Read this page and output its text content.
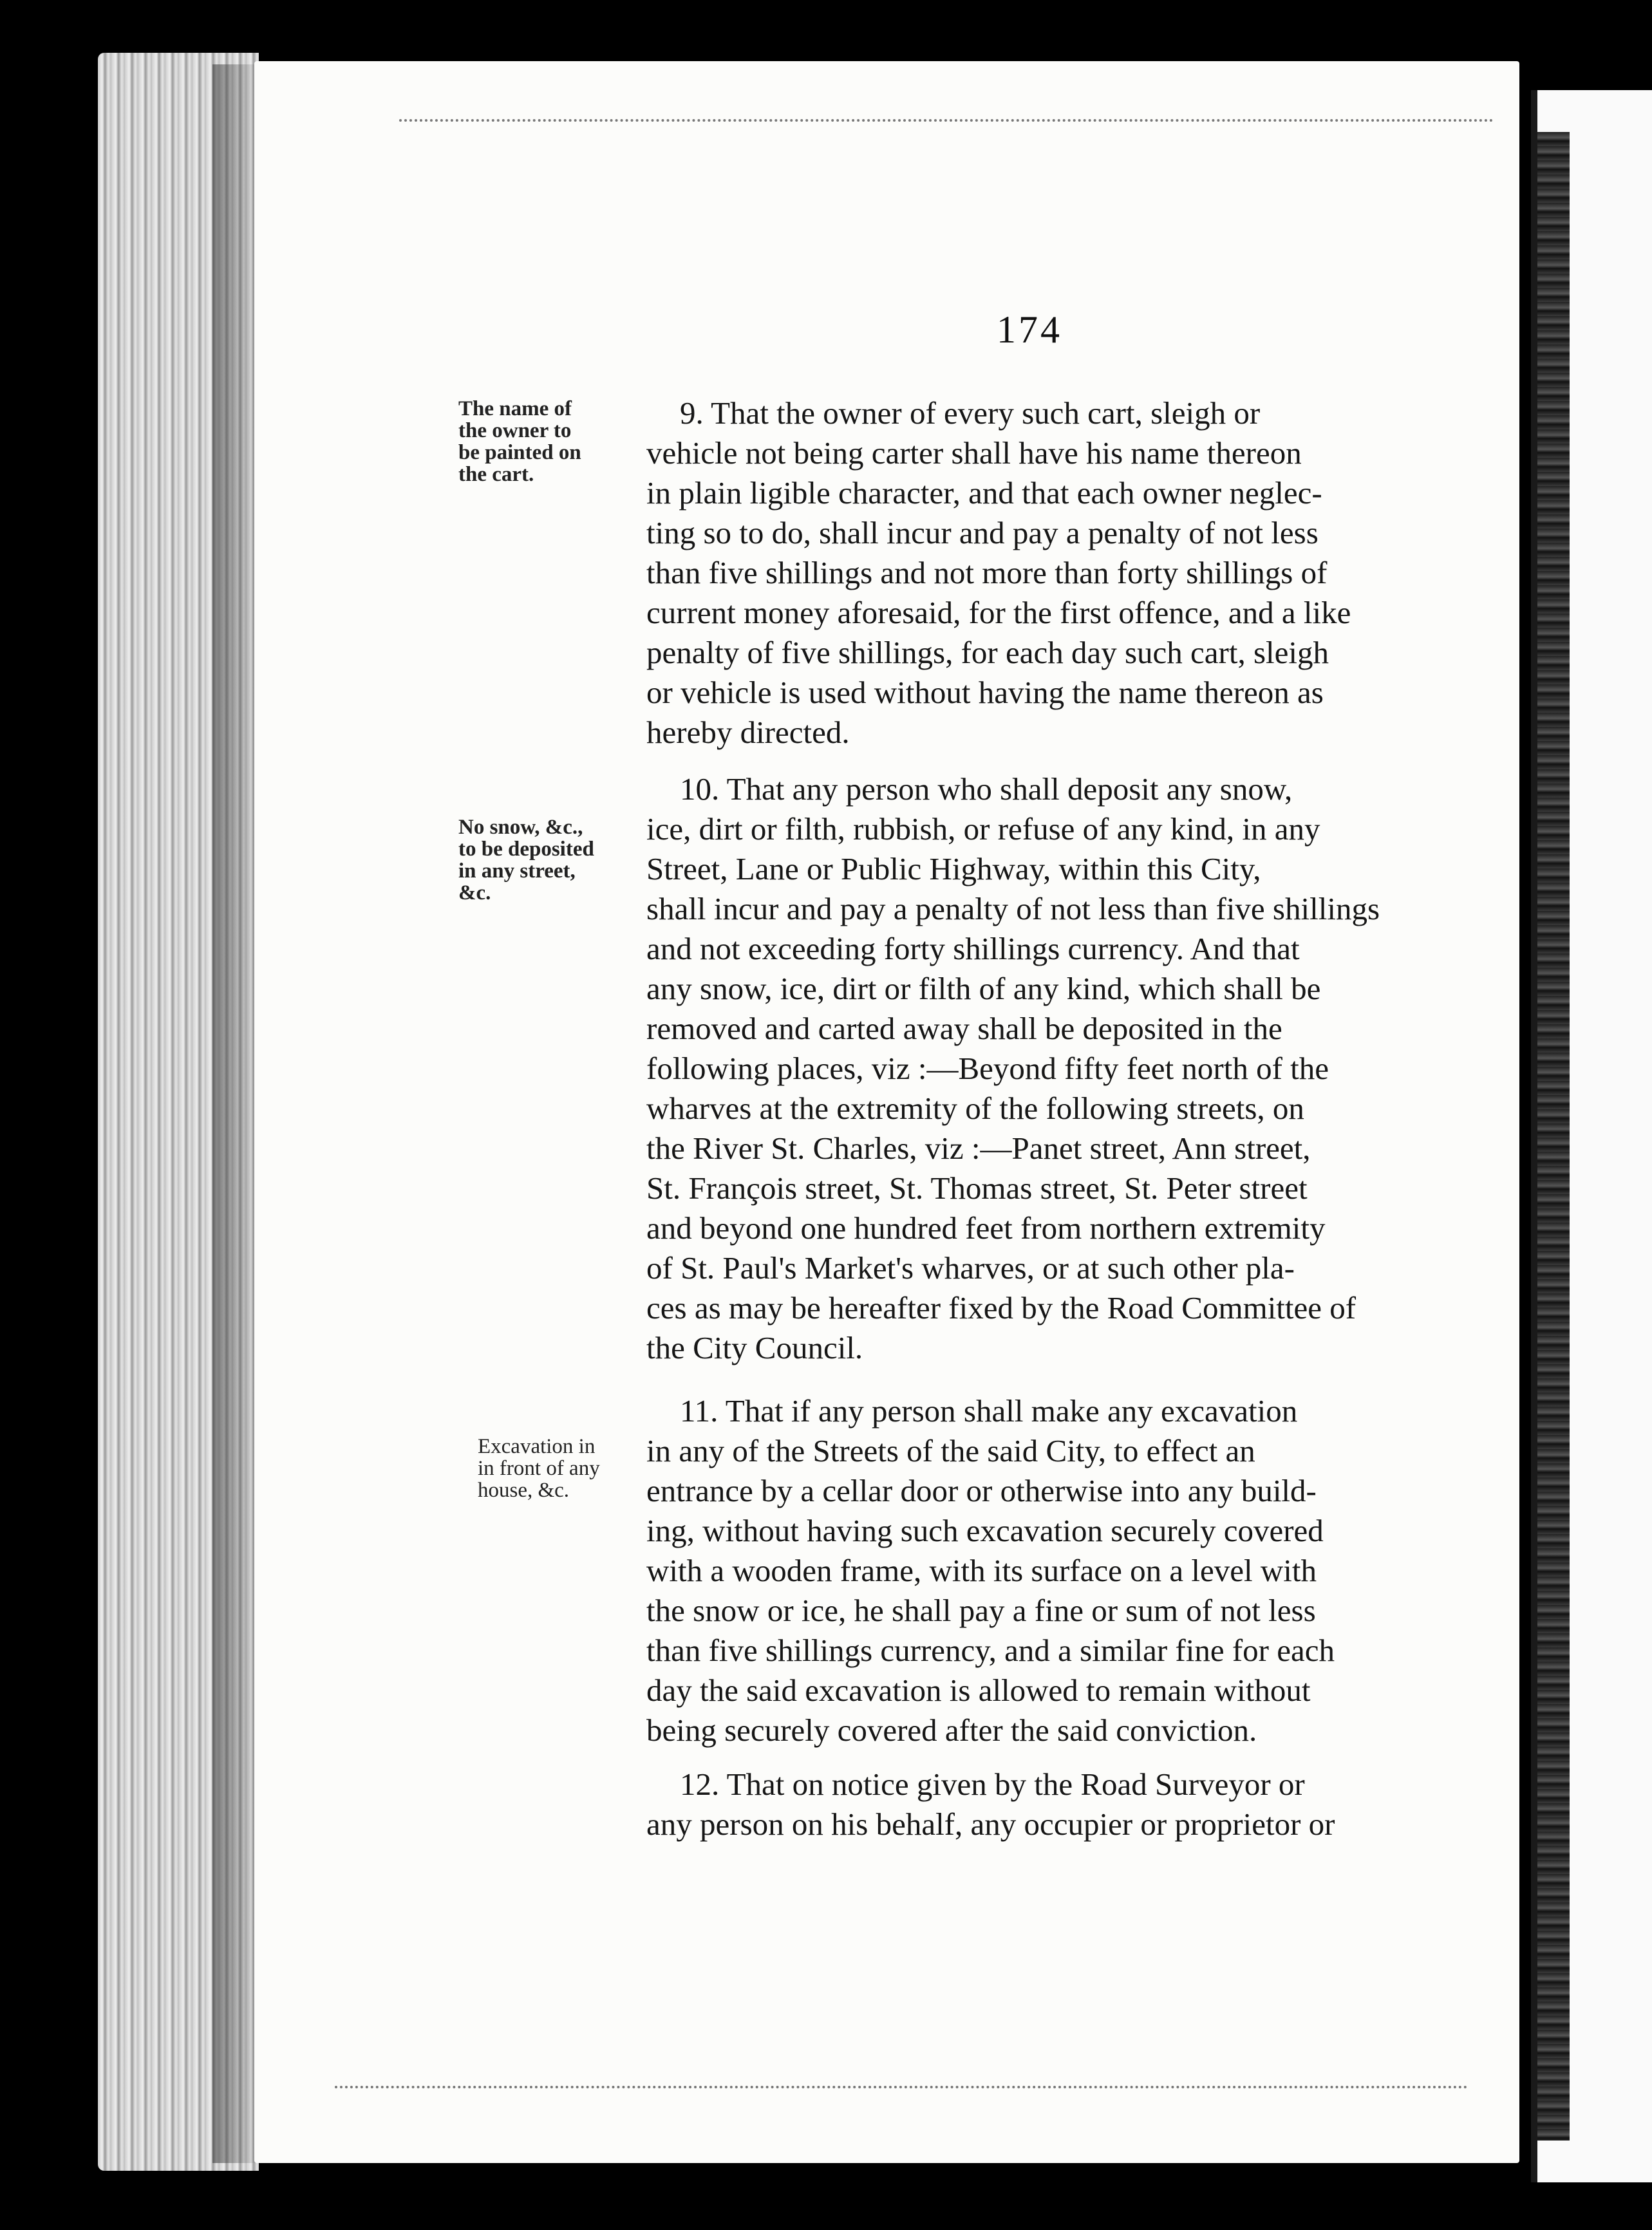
174
The name of
the owner to
be painted on
the cart.
No snow, &c.,
to be deposited
in any street,
&c.
Excavation in
in front of any
house, &c.
9. That the owner of every such cart, sleigh or
vehicle not being carter shall have his name thereon
in plain ligible character, and that each owner neglec-
ting so to do, shall incur and pay a penalty of not less
than five shillings and not more than forty shillings of
current money aforesaid, for the first offence, and a like
penalty of five shillings, for each day such cart, sleigh
or vehicle is used without having the name thereon as
hereby directed.
10. That any person who shall deposit any snow,
ice, dirt or filth, rubbish, or refuse of any kind, in any
Street, Lane or Public Highway, within this City,
shall incur and pay a penalty of not less than five shillings
and not exceeding forty shillings currency. And that
any snow, ice, dirt or filth of any kind, which shall be
removed and carted away shall be deposited in the
following places, viz :—Beyond fifty feet north of the
wharves at the extremity of the following streets, on
the River St. Charles, viz :—Panet street, Ann street,
St. François street, St. Thomas street, St. Peter street
and beyond one hundred feet from northern extremity
of St. Paul's Market's wharves, or at such other pla-
ces as may be hereafter fixed by the Road Committee of
the City Council.
11. That if any person shall make any excavation
in any of the Streets of the said City, to effect an
entrance by a cellar door or otherwise into any build-
ing, without having such excavation securely covered
with a wooden frame, with its surface on a level with
the snow or ice, he shall pay a fine or sum of not less
than five shillings currency, and a similar fine for each
day the said excavation is allowed to remain without
being securely covered after the said conviction.
12. That on notice given by the Road Surveyor or
any person on his behalf, any occupier or proprietor or
